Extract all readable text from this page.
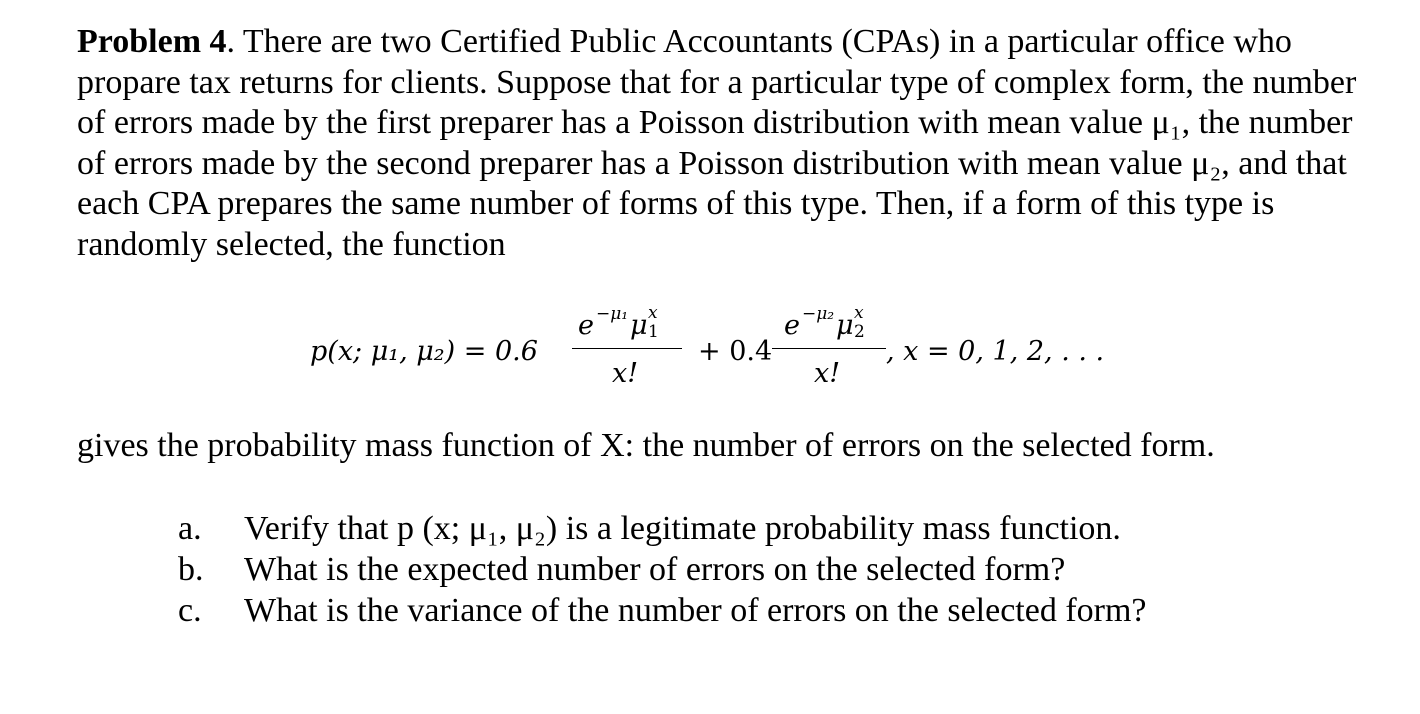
Problem 4. There are two Certified Public Accountants (CPAs) in a particular office who propare tax returns for clients. Suppose that for a particular type of complex form, the number of errors made by the first preparer has a Poisson distribution with mean value μ₁, the number of errors made by the second preparer has a Poisson distribution with mean value μ₂, and that each CPA prepares the same number of forms of this type. Then, if a form of this type is randomly selected, the function

p(x; μ₁, μ₂) = 0.6
e −μ₁ μ x
1
x!
+ 0.4
e −μ₂ μ x
2
x!
, x = 0, 1, 2, . . .
gives the probability mass function of X: the number of errors on the selected form.
a.	Verify that p (x; μ₁, μ₂) is a legitimate probability mass function.
b.	What is the expected number of errors on the selected form?
c.	What is the variance of the number of errors on the selected form?
